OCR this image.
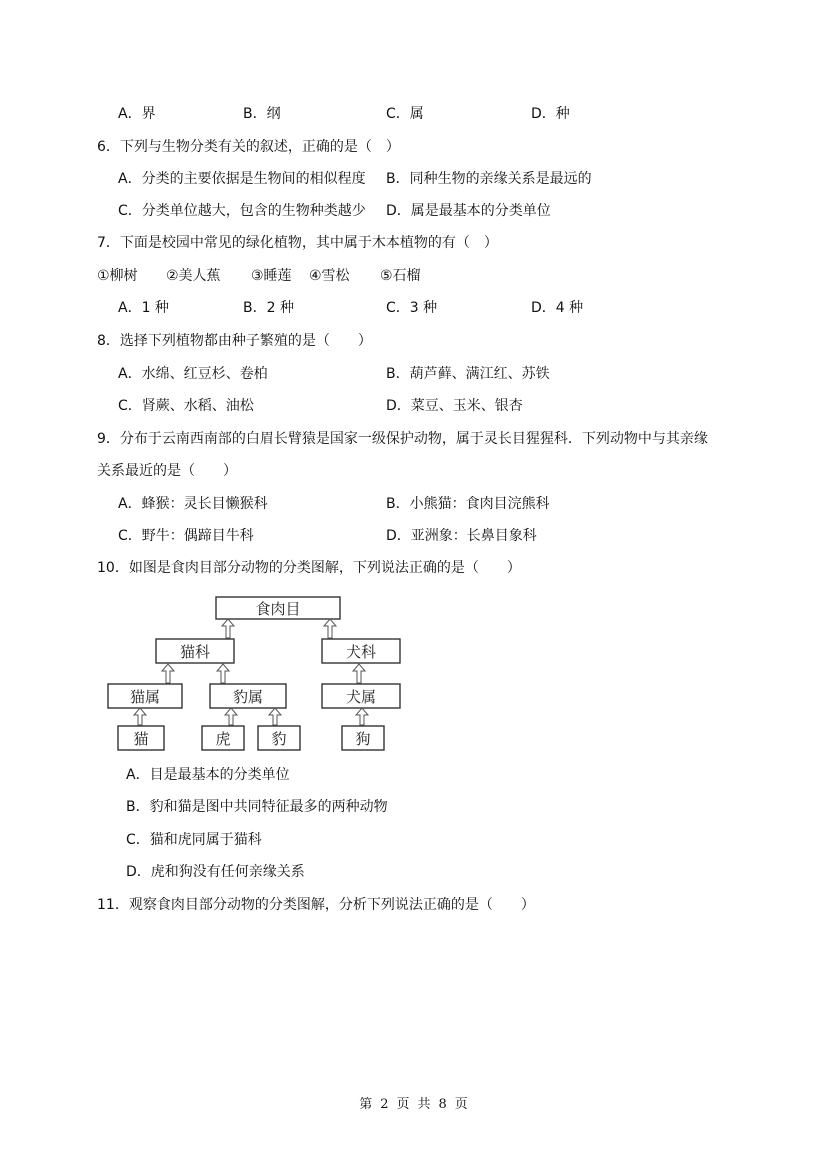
A．界	B．纲	C．属	D．种
6．下列与生物分类有关的叙述，正确的是（　）
A．分类的主要依据是生物间的相似程度 B．同种生物的亲缘关系是最远的
C．分类单位越大，包含的生物种类越少 D．属是最基本的分类单位
7．下面是校园中常见的绿化植物，其中属于木本植物的有（　）
①柳树 ②美人蕉 ③睡莲 ④雪松 ⑤石榴
A．1 种	B．2 种	C．3 种	D．4 种
8．选择下列植物都由种子繁殖的是（　　）
A．水绵、红豆杉、卷柏	B．葫芦藓、满江红、苏铁
C．肾蕨、水稻、油松	D．菜豆、玉米、银杏
9．分布于云南西南部的白眉长臂猿是国家一级保护动物，属于灵长目猩猩科．下列动物中与其亲缘
关系最近的是（　　）
A．蜂猴：灵长目懒猴科	B．小熊猫：食肉目浣熊科
C．野牛：偶蹄目牛科	D．亚洲象：长鼻目象科
10．如图是食肉目部分动物的分类图解，下列说法正确的是（　　）
食肉目
猫科	犬科
猫属	豹属	犬属
猫	虎	豹	狗
A．目是最基本的分类单位
B．豹和猫是图中共同特征最多的两种动物
C．猫和虎同属于猫科
D．虎和狗没有任何亲缘关系
11．观察食肉目部分动物的分类图解，分析下列说法正确的是（　　）
第 2 页 共 8 页
